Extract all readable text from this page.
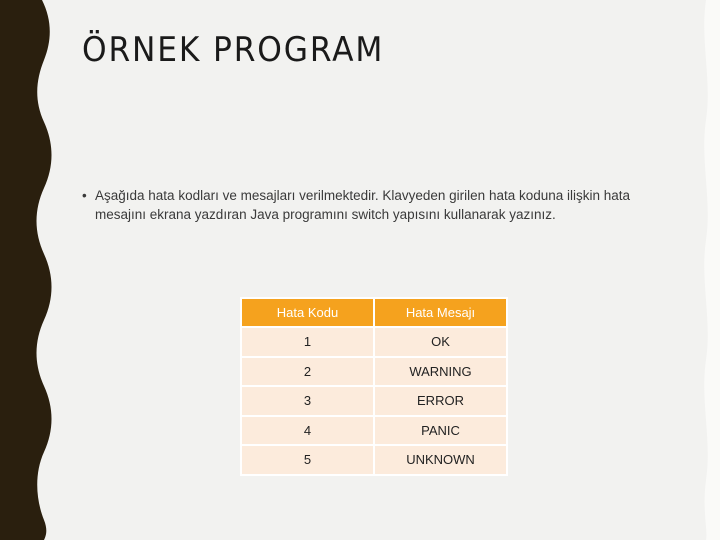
ÖRNEK PROGRAM
• Aşağıda hata kodları ve mesajları verilmektedir. Klavyeden girilen hata koduna ilişkin hata mesajını ekrana yazdıran Java programını switch yapısını kullanarak yazınız.
Hata Kodu	Hata Mesajı
1	OK
2	WARNING
3	ERROR
4	PANIC
5	UNKNOWN
